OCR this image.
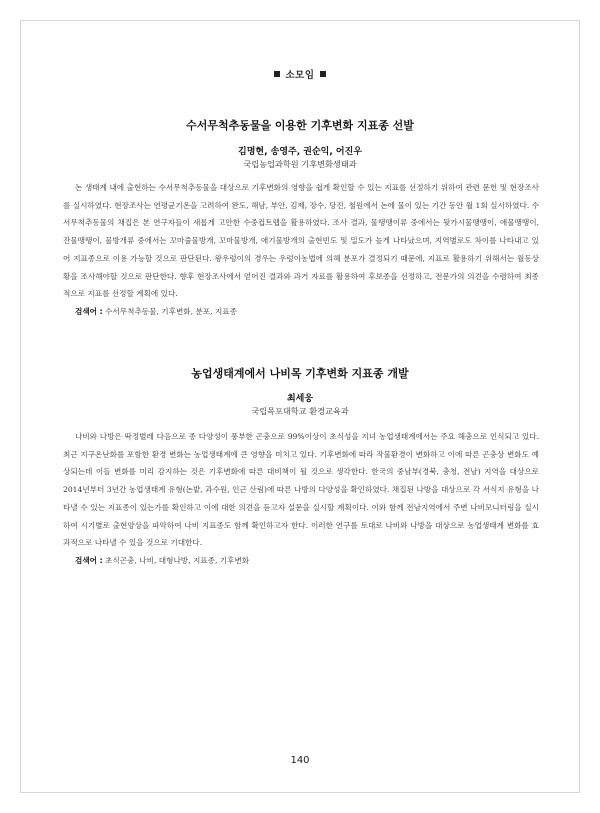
소모임
수서무척추동물을 이용한 기후변화 지표종 선발
김명현, 송영주, 권순익, 어진우
국립농업과학원 기후변화생태과

논 생태계 내에 출현하는 수서무척추동물을 대상으로 기후변화의 영향을 쉽게 확인할 수 있는 지표를 선정하기 위하여 관련 문헌 및 현장조사를 실시하였다. 현장조사는 연평균기온을 고려하여 완도, 해남, 부안, 김제, 장수, 당진, 철원에서 논에 물이 있는 기간 동안 월 1회 실시하였다. 수서무척추동물의 채집은 본 연구자들이 새롭게 고안한 수중컵트랩을 활용하였다. 조사 결과, 물땡땡이류 중에서는 뒷가시물땡땡이, 애물땡땡이, 잔물땡땡이, 물방개류 중에서는 꼬마줄물방개, 꼬마물방개, 애기물방개의 출현빈도 및 밀도가 높게 나타났으며, 지역별로도 차이를 나타내고 있어 지표종으로 이용 가능할 것으로 판단된다. 왕우렁이의 경우는 우렁이농법에 의해 분포가 결정되기 때문에, 지표로 활용하기 위해서는 월동상황을 조사해야할 것으로 판단한다. 향후 현장조사에서 얻어진 결과와 과거 자료를 활용하여 후보종을 선정하고, 전문가의 의견을 수렴하여 최종적으로 지표를 선정할 계획에 있다.

검색어 : 수서무척추동물, 기후변화, 분포, 지표종

농업생태계에서 나비목 기후변화 지표종 개발
최세웅
국립목포대학교 환경교육과

나비와 나방은 딱정벌레 다음으로 종 다양성이 풍부한 곤충으로 99%이상이 초식성을 지녀 농업생태계에서는 주요 해충으로 인식되고 있다. 최근 지구온난화를 포함한 환경 변화는 농업생태계에 큰 영향을 미치고 있다. 기후변화에 따라 작물환경이 변화하고 이에 따른 곤충상 변화도 예상되는데 이들 변화를 미리 감지하는 것은 기후변화에 따른 대비책이 될 것으로 생각한다. 한국의 중남부(경북, 충청, 전남) 지역을 대상으로 2014년부터 3년간 농업생태계 유형(논밭, 과수원, 인근 산림)에 따른 나방의 다양성을 확인하였다. 채집된 나방을 대상으로 각 서식지 유형을 나타낼 수 있는 지표종이 있는가를 확인하고 이에 대한 의견을 듣고자 설문을 실시할 계획이다. 이와 함께 전남지역에서 주변 나비모니터링을 실시하여 시기별로 출현양상을 파악하여 나비 지표종도 함께 확인하고자 한다. 이러한 연구를 토대로 나비와 나방을 대상으로 농업생태계 변화를 효과적으로 나타낼 수 있을 것으로 기대한다.

검색어 : 초식곤충, 나비, 대형나방, 지표종, 기후변화

140
